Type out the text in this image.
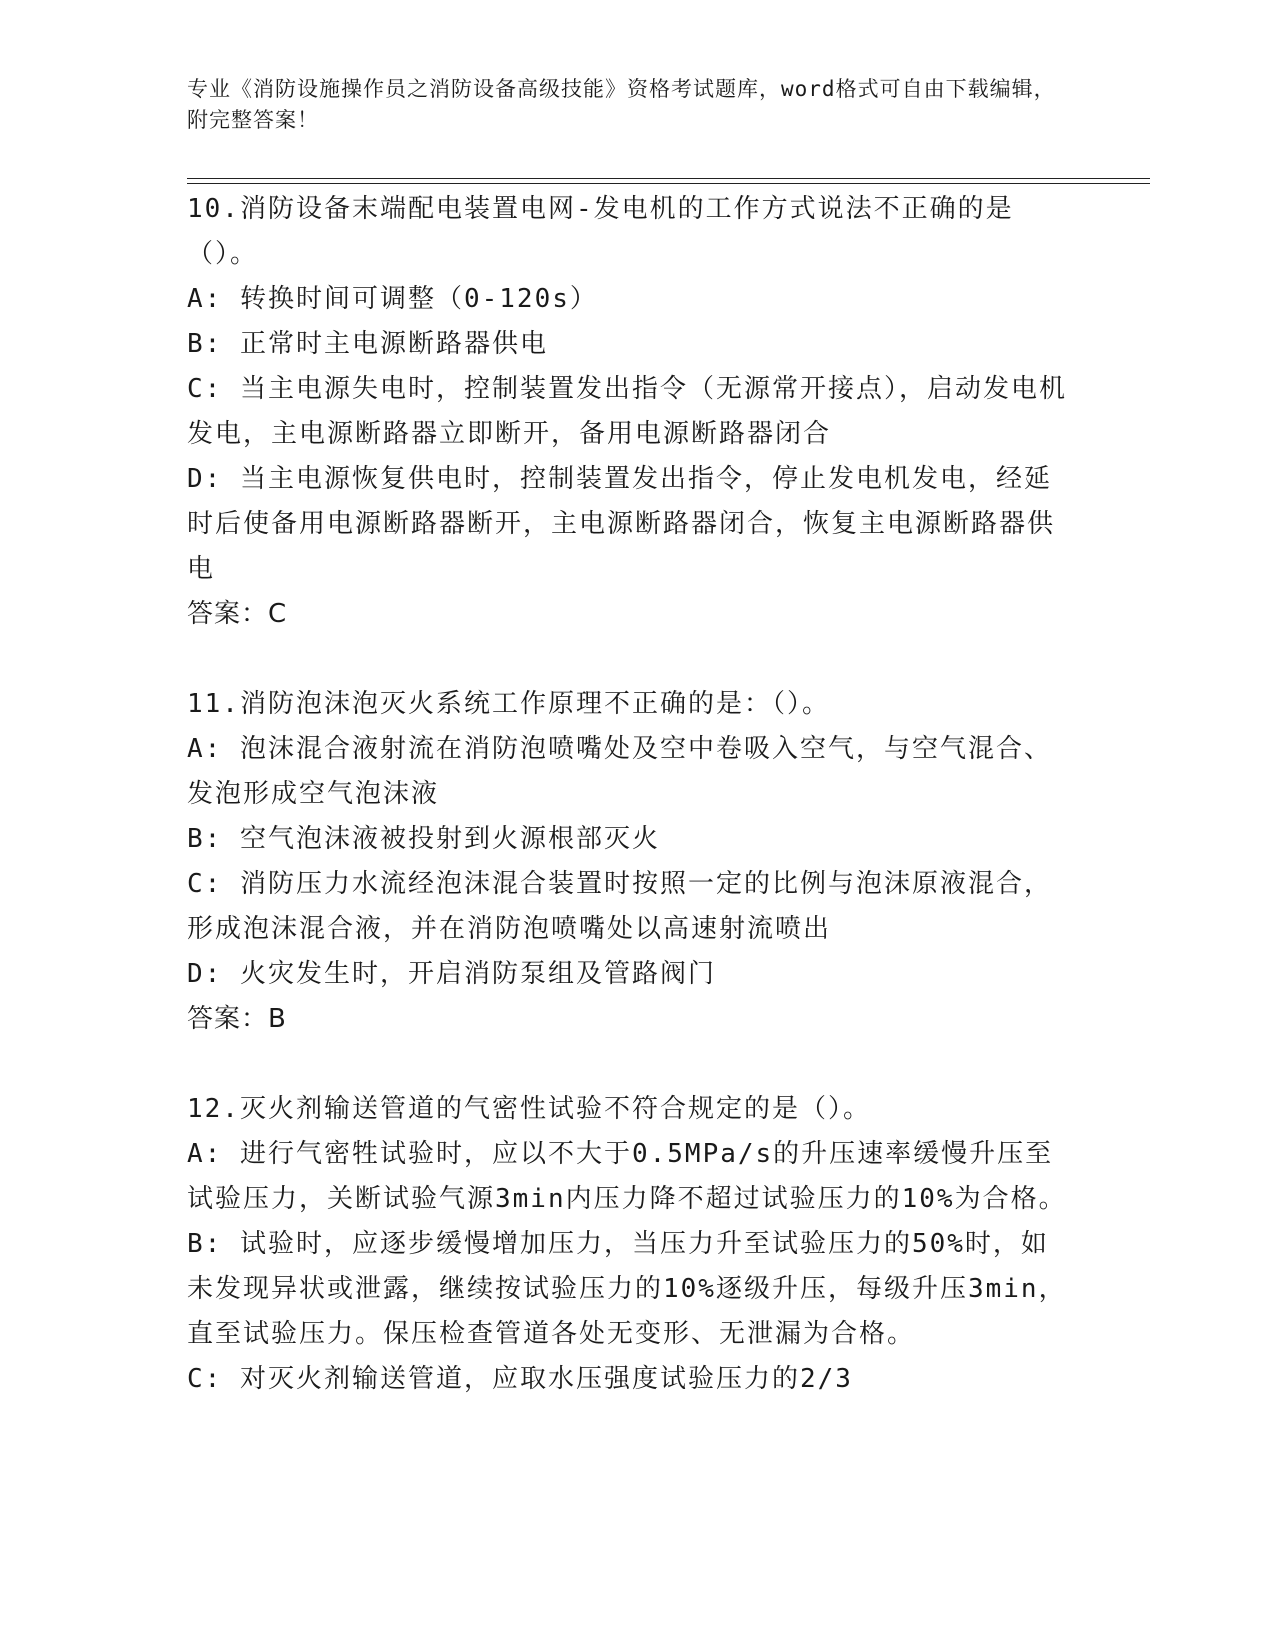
专业《消防设施操作员之消防设备高级技能》资格考试题库，word格式可自由下载编辑，附完整答案！

10.消防设备末端配电装置电网-发电机的工作方式说法不正确的是（）。

A: 转换时间可调整（0-120s）

B: 正常时主电源断路器供电

C: 当主电源失电时，控制装置发出指令（无源常开接点），启动发电机发电，主电源断路器立即断开，备用电源断路器闭合

D: 当主电源恢复供电时，控制装置发出指令，停止发电机发电，经延时后使备用电源断路器断开，主电源断路器闭合，恢复主电源断路器供电

答案：C

11.消防泡沫泡灭火系统工作原理不正确的是：（）。

A: 泡沫混合液射流在消防泡喷嘴处及空中卷吸入空气，与空气混合、发泡形成空气泡沫液

B: 空气泡沫液被投射到火源根部灭火

C: 消防压力水流经泡沫混合装置时按照一定的比例与泡沫原液混合，形成泡沫混合液，并在消防泡喷嘴处以高速射流喷出

D: 火灾发生时，开启消防泵组及管路阀门

答案：B

12.灭火剂输送管道的气密性试验不符合规定的是（）。

A: 进行气密牲试验时，应以不大于0.5MPa/s的升压速率缓慢升压至试验压力，关断试验气源3min内压力降不超过试验压力的10%为合格。

B: 试验时，应逐步缓慢增加压力，当压力升至试验压力的50%时，如未发现异状或泄露，继续按试验压力的10%逐级升压，每级升压3min，直至试验压力。保压检查管道各处无变形、无泄漏为合格。

C: 对灭火剂输送管道，应取水压强度试验压力的2/3
